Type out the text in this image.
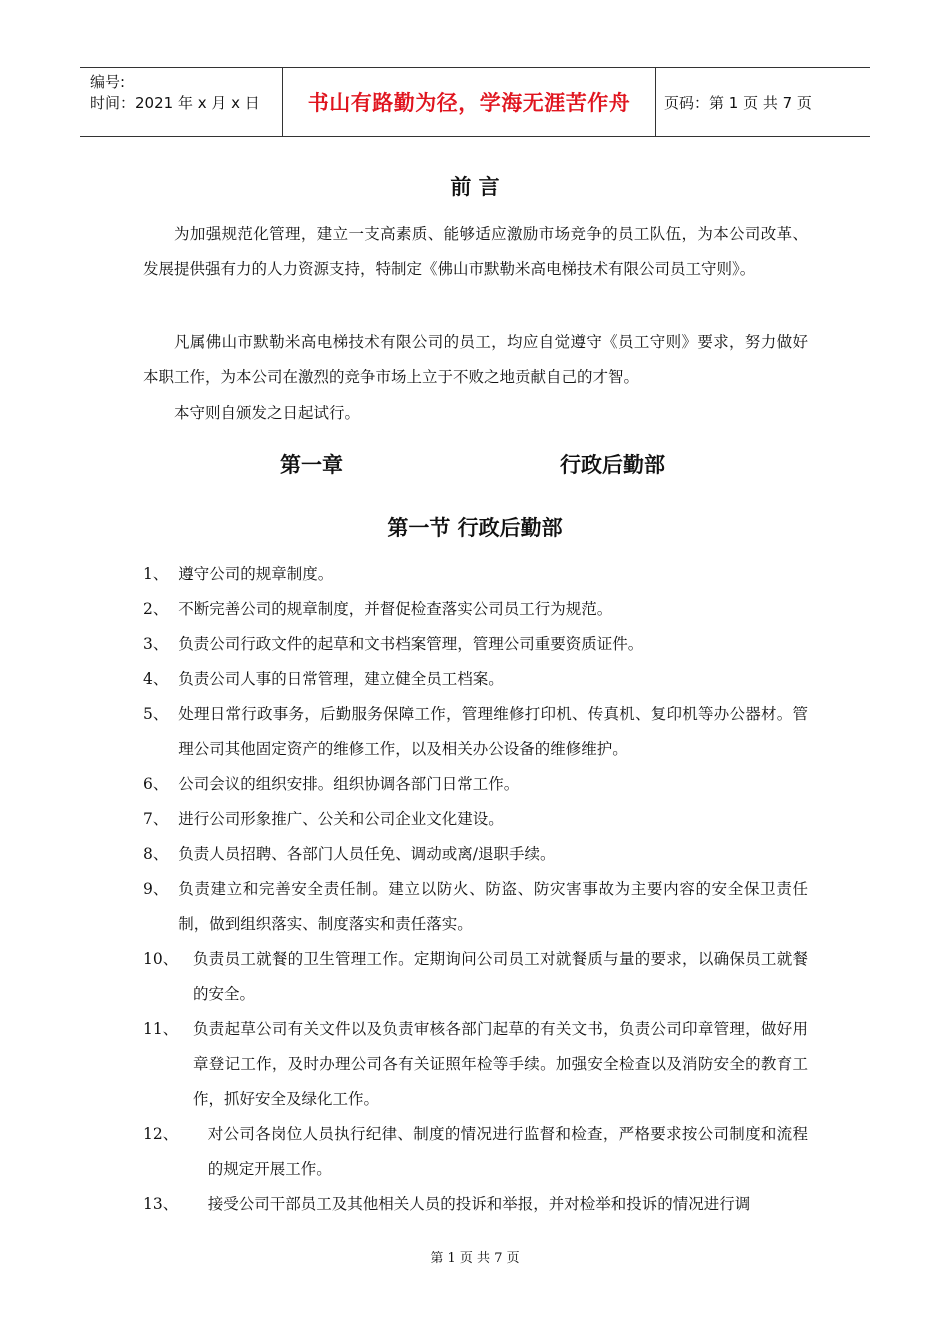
编号:
时间：2021 年 x 月 x 日	书山有路勤为径，学海无涯苦作舟	页码：第 1 页 共 7 页
前 言

为加强规范化管理，建立一支高素质、能够适应激励市场竞争的员工队伍，为本公司改革、发展提供强有力的人力资源支持，特制定《佛山市默勒米高电梯技术有限公司员工守则》。

凡属佛山市默勒米高电梯技术有限公司的员工，均应自觉遵守《员工守则》要求，努力做好本职工作，为本公司在激烈的竞争市场上立于不败之地贡献自己的才智。

本守则自颁发之日起试行。

第一章	行政后勤部
第一节 行政后勤部
1、 遵守公司的规章制度。
2、 不断完善公司的规章制度，并督促检查落实公司员工行为规范。
3、 负责公司行政文件的起草和文书档案管理，管理公司重要资质证件。
4、 负责公司人事的日常管理，建立健全员工档案。
5、 处理日常行政事务，后勤服务保障工作，管理维修打印机、传真机、复印机等办公器材。管理公司其他固定资产的维修工作，以及相关办公设备的维修维护。
6、 公司会议的组织安排。组织协调各部门日常工作。
7、 进行公司形象推广、公关和公司企业文化建设。
8、 负责人员招聘、各部门人员任免、调动或离/退职手续。
9、 负责建立和完善安全责任制。建立以防火、防盗、防灾害事故为主要内容的安全保卫责任制，做到组织落实、制度落实和责任落实。
10、 负责员工就餐的卫生管理工作。定期询问公司员工对就餐质与量的要求，以确保员工就餐的安全。
11、 负责起草公司有关文件以及负责审核各部门起草的有关文书，负责公司印章管理，做好用章登记工作，及时办理公司各有关证照年检等手续。加强安全检查以及消防安全的教育工作，抓好安全及绿化工作。
12、 对公司各岗位人员执行纪律、制度的情况进行监督和检查，严格要求按公司制度和流程的规定开展工作。
13、 接受公司干部员工及其他相关人员的投诉和举报，并对检举和投诉的情况进行调
第 1 页 共 7 页
